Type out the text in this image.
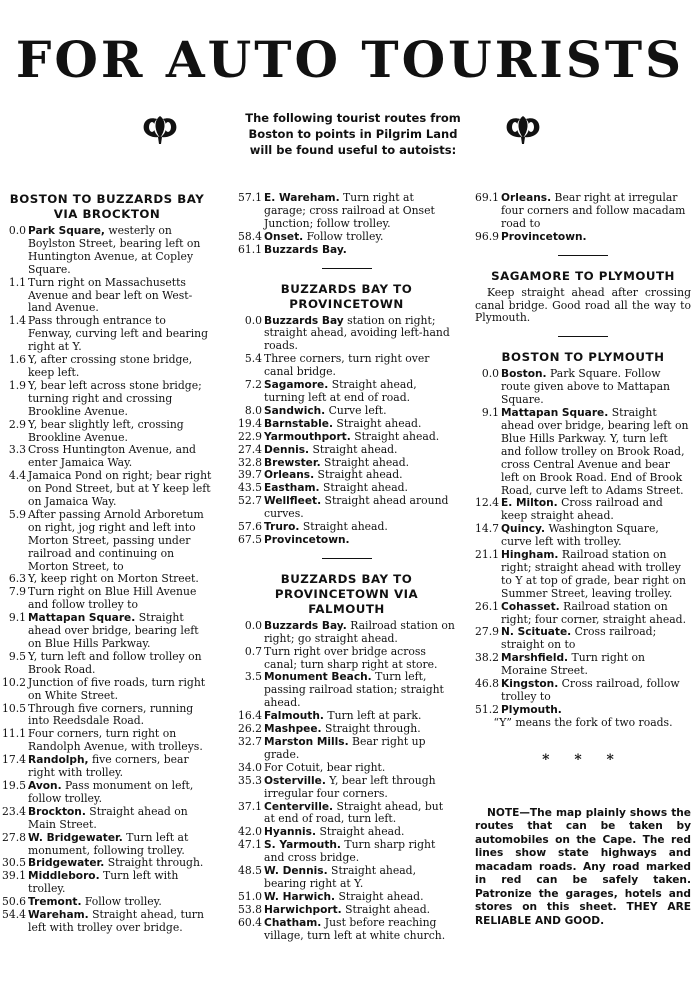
FOR AUTO TOURISTS
The following tourist routes from Boston to points in Pilgrim Land will be found useful to autoists:
BOSTON TO BUZZARDS BAY VIA BROCKTON
0.0 Park Square, westerly on Boylston Street, bearing left on Huntington Avenue, at Copley Square.
1.1 Turn right on Massachusetts Avenue and bear left on West-land Avenue.
1.4 Pass through entrance to Fenway, curving left and bearing right at Y.
1.6 Y, after crossing stone bridge, keep left.
1.9 Y, bear left across stone bridge; turning right and crossing Brookline Avenue.
2.9 Y, bear slightly left, crossing Brookline Avenue.
3.3 Cross Huntington Avenue, and enter Jamaica Way.
4.4 Jamaica Pond on right; bear right on Pond Street, but at Y keep left on Jamaica Way.
5.9 After passing Arnold Arboretum on right, jog right and left into Morton Street, passing under railroad and continuing on Morton Street, to
6.3 Y, keep right on Morton Street.
7.9 Turn right on Blue Hill Avenue and follow trolley to
9.1 Mattapan Square. Straight ahead over bridge, bearing left on Blue Hills Parkway.
9.5 Y, turn left and follow trolley on Brook Road.
10.2 Junction of five roads, turn right on White Street.
10.5 Through five corners, running into Reedsdale Road.
11.1 Four corners, turn right on Randolph Avenue, with trolleys.
17.4 Randolph, five corners, bear right with trolley.
19.5 Avon. Pass monument on left, follow trolley.
23.4 Brockton. Straight ahead on Main Street.
27.8 W. Bridgewater. Turn left at monument, following trolley.
30.5 Bridgewater. Straight through.
39.1 Middleboro. Turn left with trolley.
50.6 Tremont. Follow trolley.
54.4 Wareham. Straight ahead, turn left with trolley over bridge.
57.1 E. Wareham. Turn right at garage; cross railroad at Onset Junction; follow trolley.
58.4 Onset. Follow trolley.
61.1 Buzzards Bay.
BUZZARDS BAY TO PROVINCETOWN
0.0 Buzzards Bay station on right; straight ahead, avoiding left-hand roads.
5.4 Three corners, turn right over canal bridge.
7.2 Sagamore. Straight ahead, turning left at end of road.
8.0 Sandwich. Curve left.
19.4 Barnstable. Straight ahead.
22.9 Yarmouthport. Straight ahead.
27.4 Dennis. Straight ahead.
32.8 Brewster. Straight ahead.
39.7 Orleans. Straight ahead.
43.5 Eastham. Straight ahead.
52.7 Wellfleet. Straight ahead around curves.
57.6 Truro. Straight ahead.
67.5 Provincetown.
BUZZARDS BAY TO PROVINCETOWN VIA FALMOUTH
0.0 Buzzards Bay. Railroad station on right; go straight ahead.
0.7 Turn right over bridge across canal; turn sharp right at store.
3.5 Monument Beach. Turn left, passing railroad station; straight ahead.
16.4 Falmouth. Turn left at park.
26.2 Mashpee. Straight through.
32.7 Marston Mills. Bear right up grade.
34.0 For Cotuit, bear right.
35.3 Osterville. Y, bear left through irregular four corners.
37.1 Centerville. Straight ahead, but at end of road, turn left.
42.0 Hyannis. Straight ahead.
47.1 S. Yarmouth. Turn sharp right and cross bridge.
48.5 W. Dennis. Straight ahead, bearing right at Y.
51.0 W. Harwich. Straight ahead.
53.8 Harwichport. Straight ahead.
60.4 Chatham. Just before reaching village, turn left at white church.
69.1 Orleans. Bear right at irregular four corners and follow macadam road to
96.9 Provincetown.
SAGAMORE TO PLYMOUTH

Keep straight ahead after crossing canal bridge. Good road all the way to Plymouth.

BOSTON TO PLYMOUTH
0.0 Boston. Park Square. Follow route given above to Mattapan Square.
9.1 Mattapan Square. Straight ahead over bridge, bearing left on Blue Hills Parkway. Y, turn left and follow trolley on Brook Road, cross Central Avenue and bear left on Brook Road. End of Brook Road, curve left to Adams Street.
12.4 E. Milton. Cross railroad and keep straight ahead.
14.7 Quincy. Washington Square, curve left with trolley.
21.1 Hingham. Railroad station on right; straight ahead with trolley to Y at top of grade, bear right on Summer Street, leaving trolley.
26.1 Cohasset. Railroad station on right; four corner, straight ahead.
27.9 N. Scituate. Cross railroad; straight on to
38.2 Marshfield. Turn right on Moraine Street.
46.8 Kingston. Cross railroad, follow trolley to
51.2 Plymouth.

“Y” means the fork of two roads.

* * *

NOTE—The map plainly shows the routes that can be taken by automobiles on the Cape. The red lines show state highways and macadam roads. Any road marked in red can be safely taken. Patronize the garages, hotels and stores on this sheet. THEY ARE RELIABLE AND GOOD.
